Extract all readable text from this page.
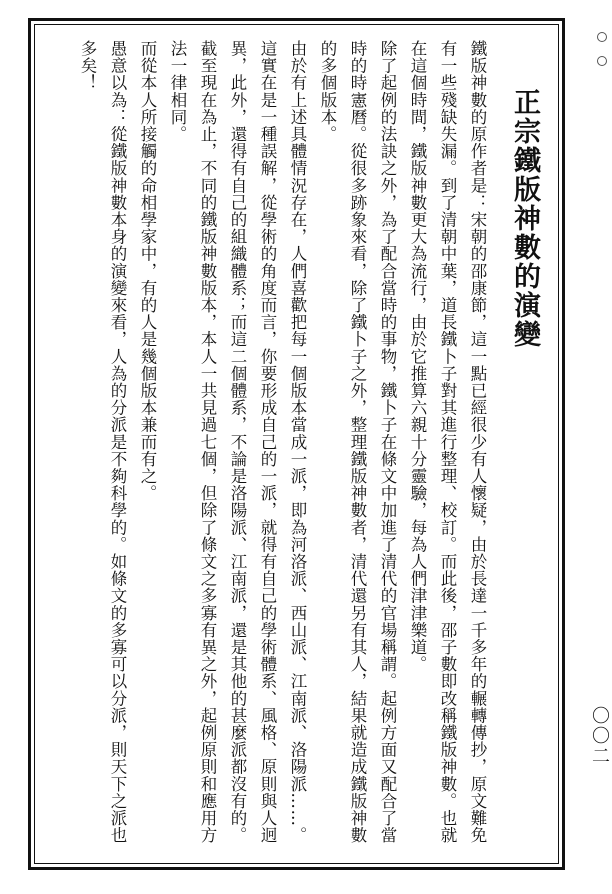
正宗鐵版神數的演變

鐵版神數的原作者是：宋朝的邵康節，這一點已經很少有人懷疑，由於長達一千多年的輾轉傳抄，原文難免有一些殘缺失漏。到了清朝中葉，道長鐵卜子對其進行整理、校訂。而此後，邵子數即改稱鐵版神數。也就在這個時間，鐵版神數更大為流行，由於它推算六親十分靈驗，每為人們津津樂道。

除了起例的法訣之外，為了配合當時的事物，鐵卜子在條文中加進了清代的官場稱謂。起例方面又配合了當時的時憲曆。從很多跡象來看，除了鐵卜子之外，整理鐵版神數者，清代還另有其人，結果就造成鐵版神數的多個版本。

由於有上述具體情況存在，人們喜歡把每一個版本當成一派，即為河洛派、西山派、江南派、洛陽派……。這實在是一種誤解，從學術的角度而言，你要形成自己的一派，就得有自己的學術體系、風格、原則與人迥異，此外，還得有自己的組織體系；而這二個體系，不論是洛陽派、江南派，還是其他的甚麼派都沒有的。

截至現在為止，不同的鐵版神數版本，本人一共見過七個，但除了條文之多寡有異之外，起例原則和應用方法一律相同。

而從本人所接觸的命相學家中，有的人是幾個版本兼而有之。

愚意以為：從鐵版神數本身的演變來看，人為的分派是不夠科學的。如條文的多寡可以分派，則天下之派也多矣！

〇〇二
